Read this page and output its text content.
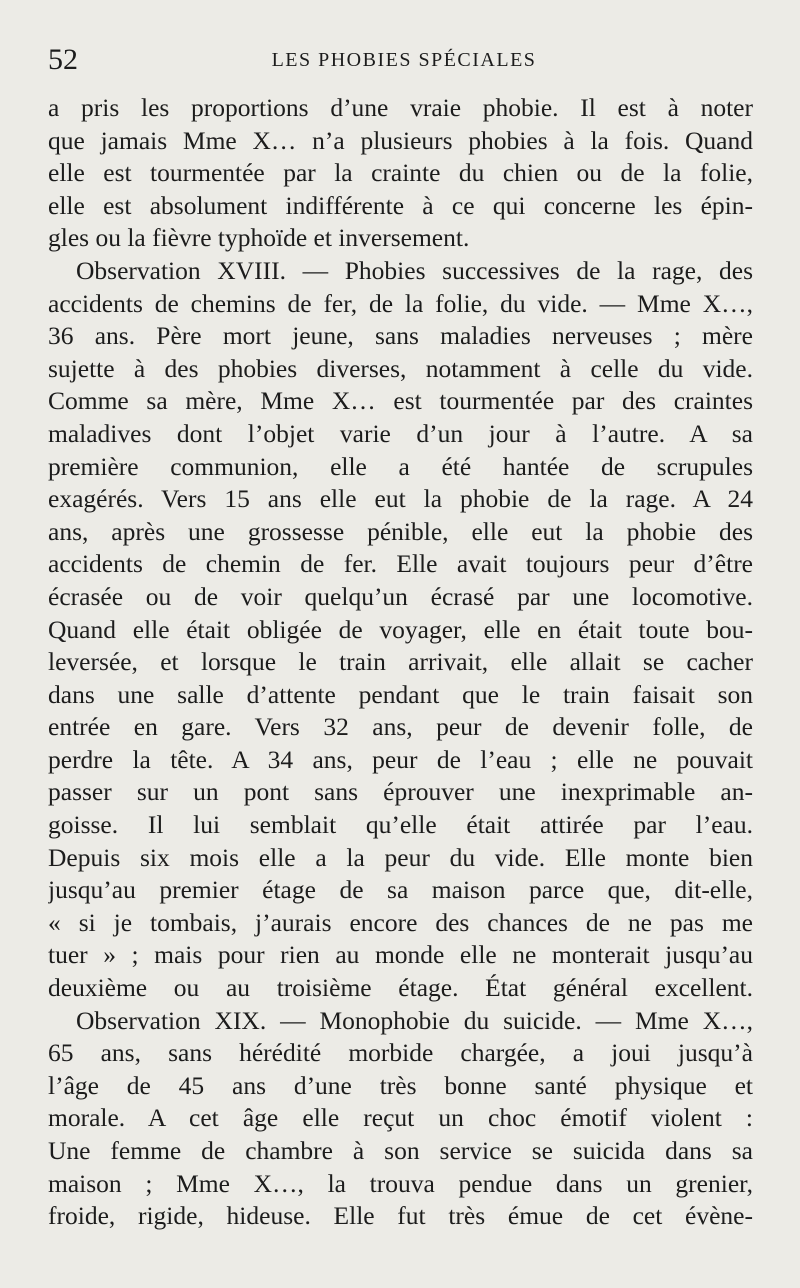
52	LES PHOBIES SPÉCIALES
a pris les proportions d’une vraie phobie. Il est à noter
que jamais Mme X… n’a plusieurs phobies à la fois. Quand
elle est tourmentée par la crainte du chien ou de la folie,
elle est absolument indifférente à ce qui concerne les épin-
gles ou la fièvre typhoïde et inversement.
Observation XVIII. — Phobies successives de la rage, des
accidents de chemins de fer, de la folie, du vide. — Mme X…,
36 ans. Père mort jeune, sans maladies nerveuses ; mère
sujette à des phobies diverses, notamment à celle du vide.
Comme sa mère, Mme X… est tourmentée par des craintes
maladives dont l’objet varie d’un jour à l’autre. A sa
première communion, elle a été hantée de scrupules
exagérés. Vers 15 ans elle eut la phobie de la rage. A 24
ans, après une grossesse pénible, elle eut la phobie des
accidents de chemin de fer. Elle avait toujours peur d’être
écrasée ou de voir quelqu’un écrasé par une locomotive.
Quand elle était obligée de voyager, elle en était toute bou-
leversée, et lorsque le train arrivait, elle allait se cacher
dans une salle d’attente pendant que le train faisait son
entrée en gare. Vers 32 ans, peur de devenir folle, de
perdre la tête. A 34 ans, peur de l’eau ; elle ne pouvait
passer sur un pont sans éprouver une inexprimable an-
goisse. Il lui semblait qu’elle était attirée par l’eau.
Depuis six mois elle a la peur du vide. Elle monte bien
jusqu’au premier étage de sa maison parce que, dit-elle,
« si je tombais, j’aurais encore des chances de ne pas me
tuer » ; mais pour rien au monde elle ne monterait jusqu’au
deuxième ou au troisième étage. État général excellent.
Observation XIX. — Monophobie du suicide. — Mme X…,
65 ans, sans hérédité morbide chargée, a joui jusqu’à
l’âge de 45 ans d’une très bonne santé physique et
morale. A cet âge elle reçut un choc émotif violent :
Une femme de chambre à son service se suicida dans sa
maison ; Mme X…, la trouva pendue dans un grenier,
froide, rigide, hideuse. Elle fut très émue de cet évène-
